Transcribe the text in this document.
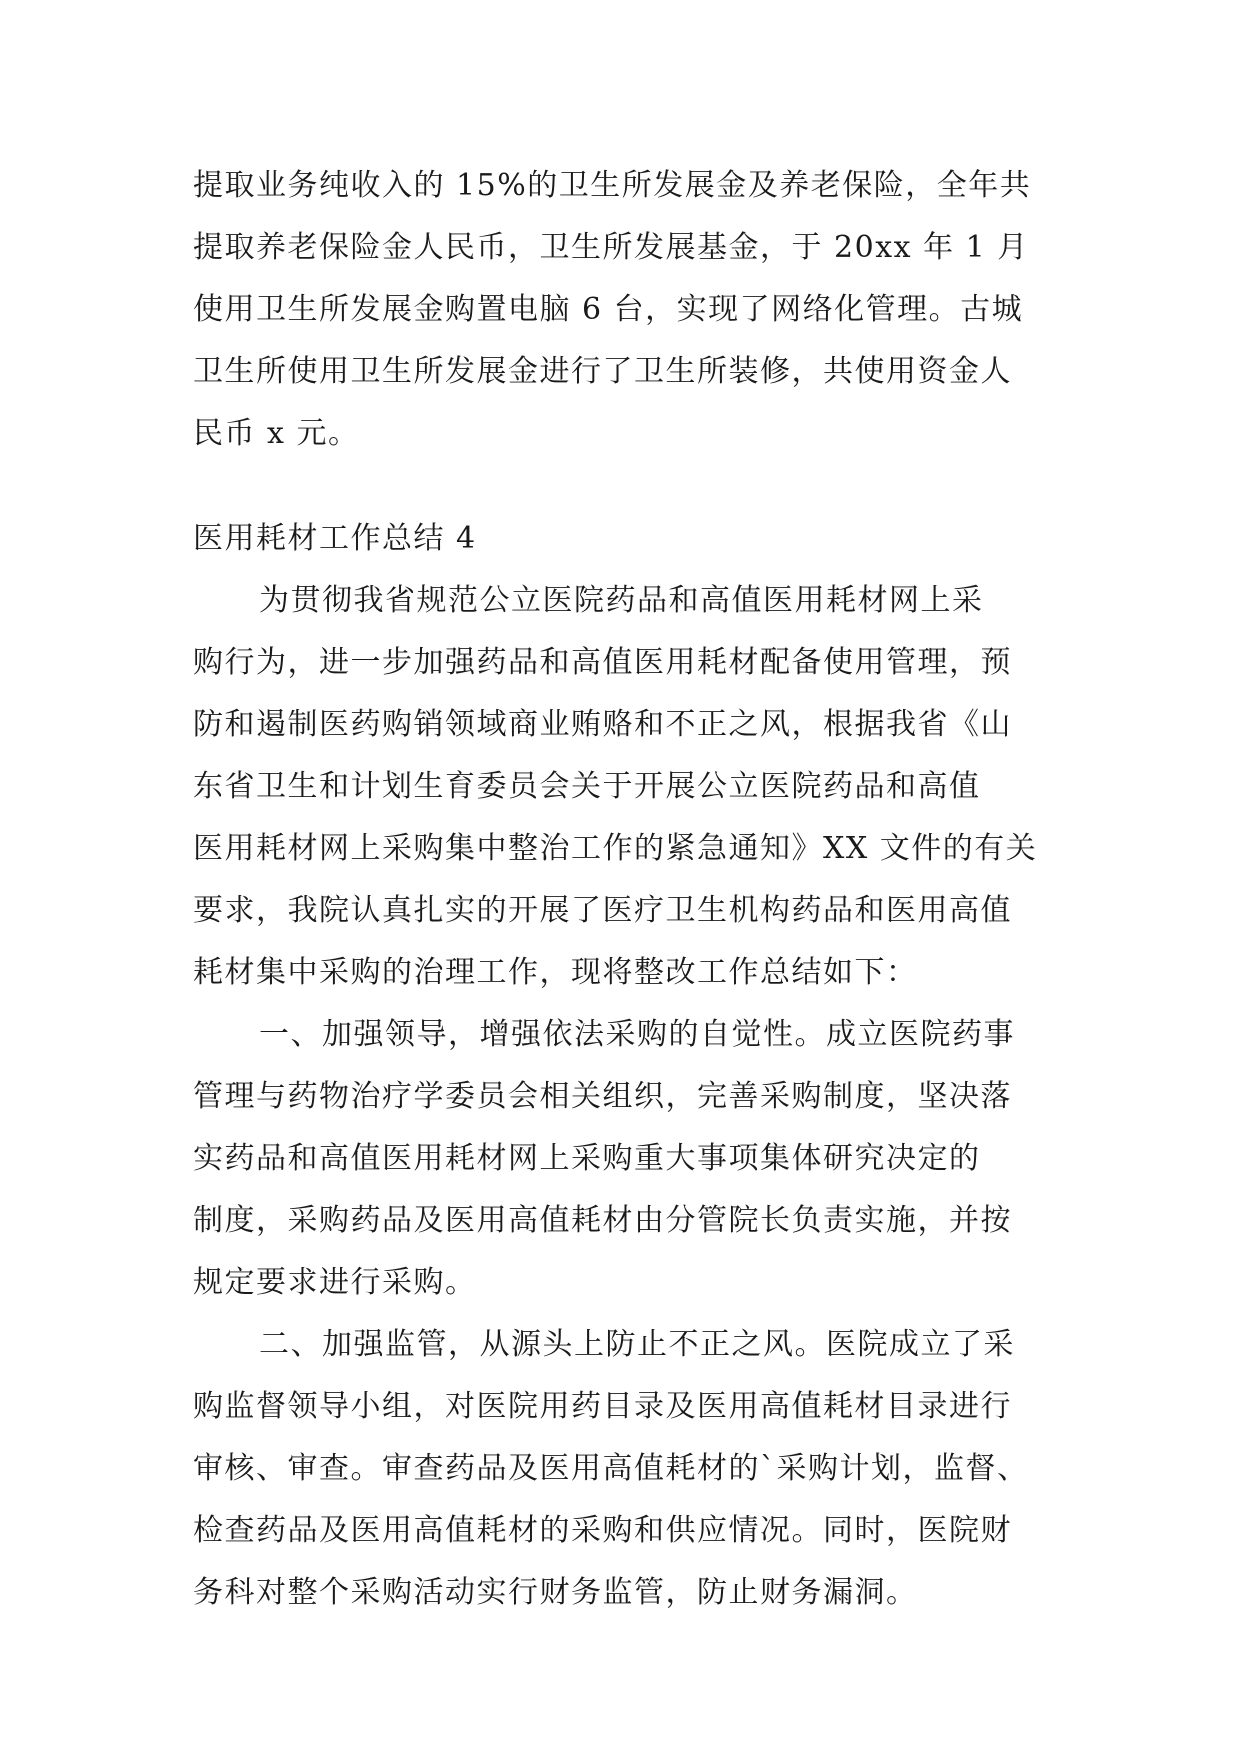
提取业务纯收入的 15%的卫生所发展金及养老保险，全年共
提取养老保险金人民币，卫生所发展基金，于 20xx 年 1 月
使用卫生所发展金购置电脑 6 台，实现了网络化管理。古城
卫生所使用卫生所发展金进行了卫生所装修，共使用资金人
民币 x 元。
医用耗材工作总结 4
为贯彻我省规范公立医院药品和高值医用耗材网上采
购行为，进一步加强药品和高值医用耗材配备使用管理，预
防和遏制医药购销领域商业贿赂和不正之风，根据我省《山
东省卫生和计划生育委员会关于开展公立医院药品和高值
医用耗材网上采购集中整治工作的紧急通知》XX 文件的有关
要求，我院认真扎实的开展了医疗卫生机构药品和医用高值
耗材集中采购的治理工作，现将整改工作总结如下：
一、加强领导，增强依法采购的自觉性。成立医院药事
管理与药物治疗学委员会相关组织，完善采购制度，坚决落
实药品和高值医用耗材网上采购重大事项集体研究决定的
制度，采购药品及医用高值耗材由分管院长负责实施，并按
规定要求进行采购。
二、加强监管，从源头上防止不正之风。医院成立了采
购监督领导小组，对医院用药目录及医用高值耗材目录进行
审核、审查。审查药品及医用高值耗材的`采购计划，监督、
检查药品及医用高值耗材的采购和供应情况。同时，医院财
务科对整个采购活动实行财务监管，防止财务漏洞。
